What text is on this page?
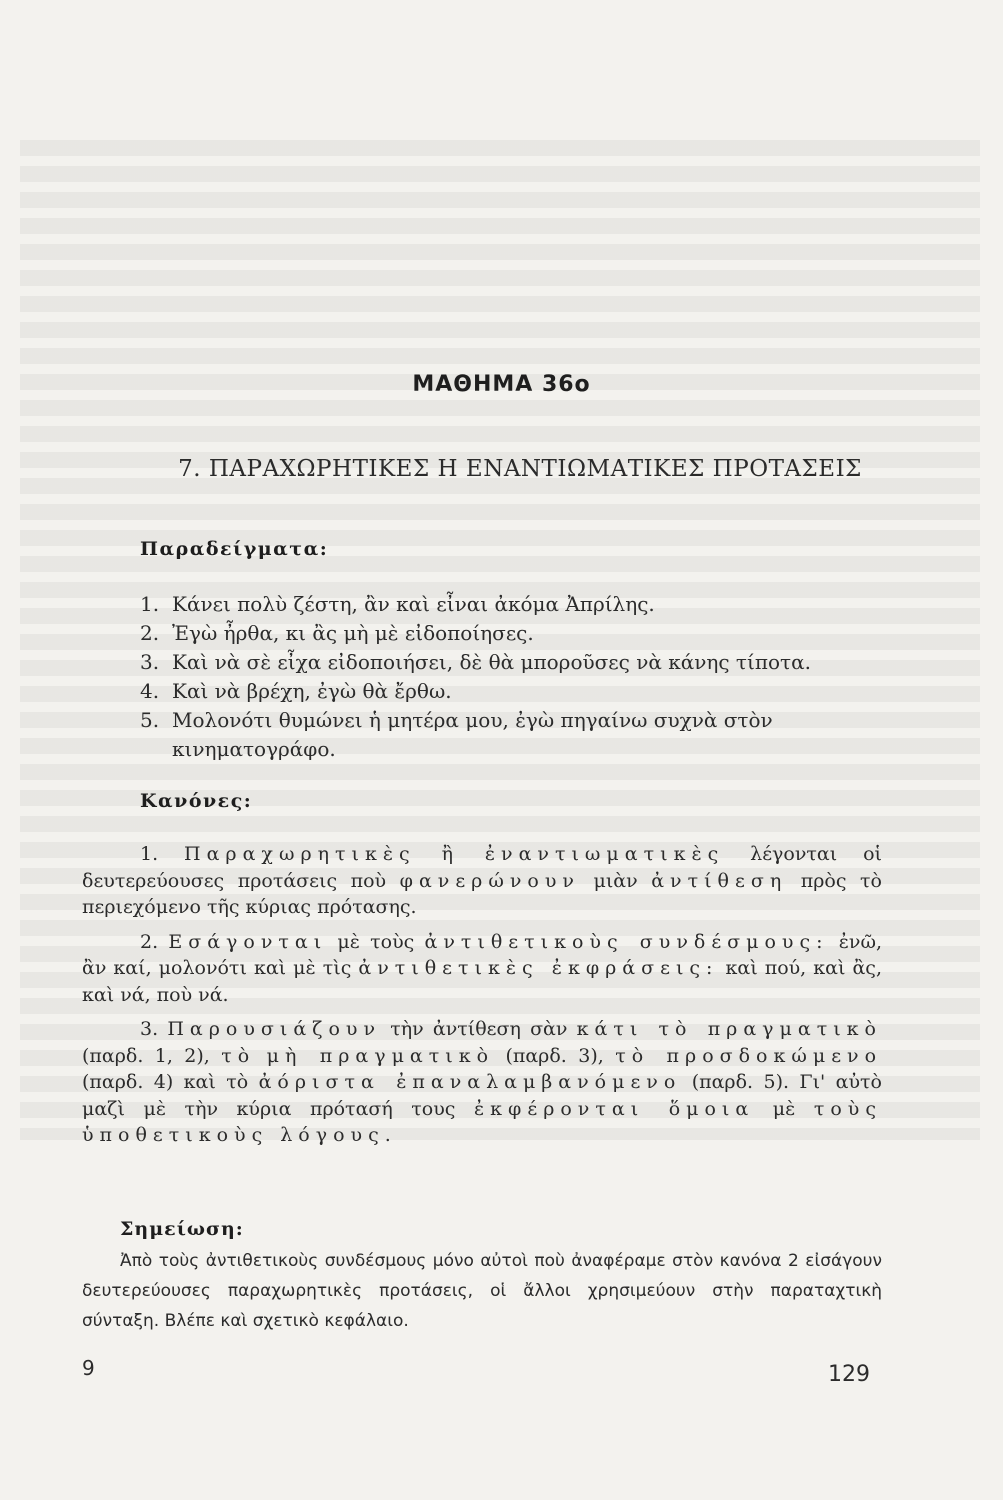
ΜΑΘΗΜΑ 36ο
7. ΠΑΡΑΧΩΡΗΤΙΚΕΣ Η ΕΝΑΝΤΙΩΜΑΤΙΚΕΣ ΠΡΟΤΑΣΕΙΣ
Παραδείγματα:
1. Κάνει πολὺ ζέστη, ἂν καὶ εἶναι ἀκόμα Ἀπρίλης.
2. Ἐγὼ ἦρθα, κι ἂς μὴ μὲ εἰδοποίησες.
3. Καὶ νὰ σὲ εἶχα εἰδοποιήσει, δὲ θὰ μποροῦσες νὰ κάνης τίποτα.
4. Καὶ νὰ βρέχη, ἐγὼ θὰ ἔρθω.
5. Μολονότι θυμώνει ἡ μητέρα μου, ἐγὼ πηγαίνω συχνὰ στὸν
κινηματογράφο.
Κανόνες:

1. Παραχωρητικὲς ἢ ἐναντιωματικὲς λέγονται οἱ δευτερεύουσες προτάσεις ποὺ φανερώνουν μιὰν ἀντίθεση πρὸς τὸ περιεχόμενο τῆς κύριας πρότασης.

2. Εσάγονται μὲ τοὺς ἀντιθετικοὺς συνδέσμους: ἐνῶ, ἂν καί, μολονότι καὶ μὲ τὶς ἀντιθετικὲς ἐκφράσεις: καὶ πού, καὶ ἂς, καὶ νά, ποὺ νά.

3. Παρουσιάζουν τὴν ἀντίθεση σὰν κάτι τὸ πραγματικὸ (παρδ. 1, 2), τὸ μὴ πραγματικὸ (παρδ. 3), τὸ προσδοκώμενο (παρδ. 4) καὶ τὸ ἀόριστα ἐπαναλαμβανόμενο (παρδ. 5). Γι' αὐτὸ μαζὶ μὲ τὴν κύρια πρότασή τους ἐκφέρονται ὅμοια μὲ τοὺς ὑποθετικοὺς λόγους.

Σημείωση:
Ἀπὸ τοὺς ἀντιθετικοὺς συνδέσμους μόνο αὐτοὶ ποὺ ἀναφέραμε στὸν κανόνα 2 εἰσάγουν δευτερεύουσες παραχωρητικὲς προτάσεις, οἱ ἄλλοι χρησιμεύουν στὴν παραταχτικὴ σύνταξη. Βλέπε καὶ σχετικὸ κεφάλαιο.
9	129
